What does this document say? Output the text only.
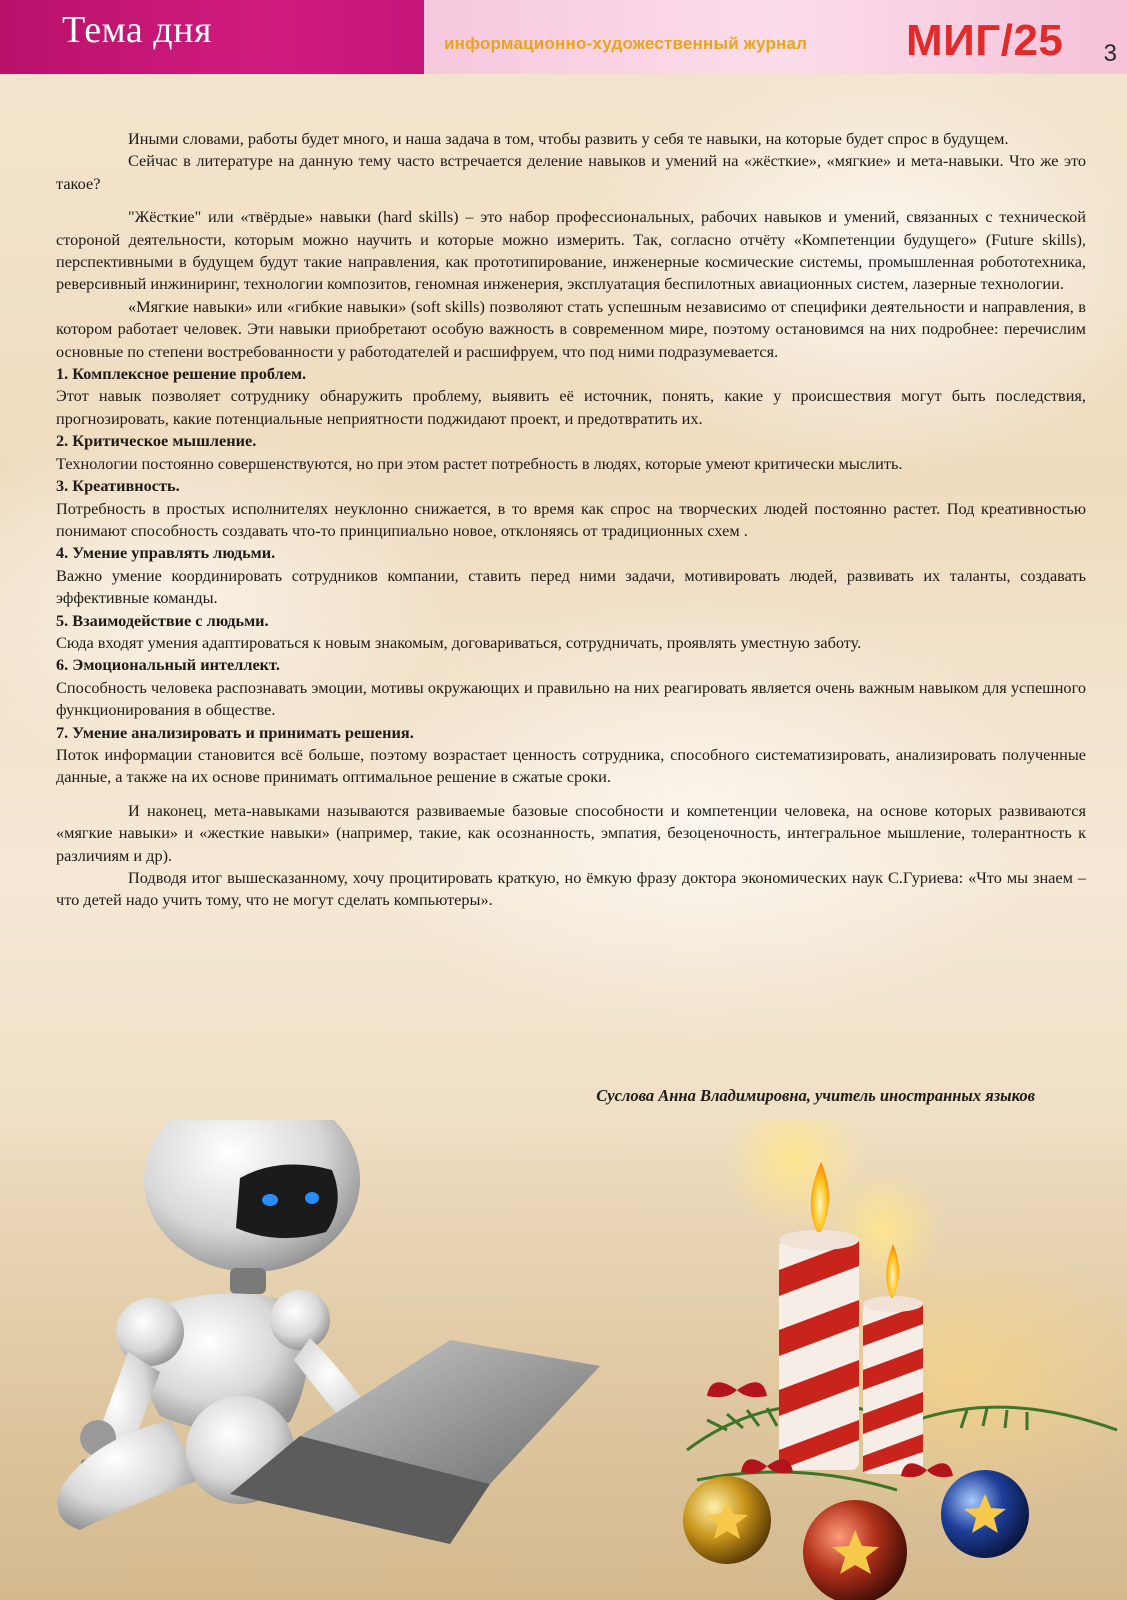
Тема дня	информационно-художественный журнал МИГ/25 3

Иными словами, работы будет много, и наша задача в том, чтобы развить у себя те навыки, на которые будет спрос в будущем.

Сейчас в литературе на данную тему часто встречается деление навыков и умений на «жёсткие», «мягкие» и мета-навыки. Что же это такое?

"Жёсткие" или «твёрдые» навыки (hard skills) – это набор профессиональных, рабочих навыков и умений, связанных с технической стороной деятельности, которым можно научить и которые можно измерить. Так, согласно отчёту «Компетенции будущего» (Future skills), перспективными в будущем будут такие направления, как прототипирование, инженерные космические системы, промышленная робототехника, реверсивный инжиниринг, технологии композитов, геномная инженерия, эксплуатация беспилотных авиационных систем, лазерные технологии.

«Мягкие навыки» или «гибкие навыки» (soft skills) позволяют стать успешным независимо от специфики деятельности и направления, в котором работает человек. Эти навыки приобретают особую важность в современном мире, поэтому остановимся на них подробнее: перечислим основные по степени востребованности у работодателей и расшифруем, что под ними подразумевается.

1. Комплексное решение проблем.

Этот навык позволяет сотруднику обнаружить проблему, выявить её источник, понять, какие у происшествия могут быть последствия, прогнозировать, какие потенциальные неприятности поджидают проект, и предотвратить их.

2. Критическое мышление.

Технологии постоянно совершенствуются, но при этом растет потребность в людях, которые умеют критически мыслить.

3. Креативность.

Потребность в простых исполнителях неуклонно снижается, в то время как спрос на творческих людей постоянно растет. Под креативностью понимают способность создавать что-то принципиально новое, отклоняясь от традиционных схем .

4. Умение управлять людьми.

Важно умение координировать сотрудников компании, ставить перед ними задачи, мотивировать людей, развивать их таланты, создавать эффективные команды.

5. Взаимодействие с людьми.

Сюда входят умения адаптироваться к новым знакомым, договариваться, сотрудничать, проявлять уместную заботу.

6. Эмоциональный интеллект.

Способность человека распознавать эмоции, мотивы окружающих и правильно на них реагировать является очень важным навыком для успешного функционирования в обществе.

7. Умение анализировать и принимать решения.

Поток информации становится всё больше, поэтому возрастает ценность сотрудника, способного систематизировать, анализировать полученные данные, а также на их основе принимать оптимальное решение в сжатые сроки.

И наконец, мета-навыками называются развиваемые базовые способности и компетенции человека, на основе которых развиваются «мягкие навыки» и «жесткие навыки» (например, такие, как осознанность, эмпатия, безоценочность, интегральное мышление, толерантность к различиям и др).

Подводя итог вышесказанному, хочу процитировать краткую, но ёмкую фразу доктора экономических наук С.Гуриева: «Что мы знаем – что детей надо учить тому, что не могут сделать компьютеры».

Суслова Анна Владимировна, учитель иностранных языков
